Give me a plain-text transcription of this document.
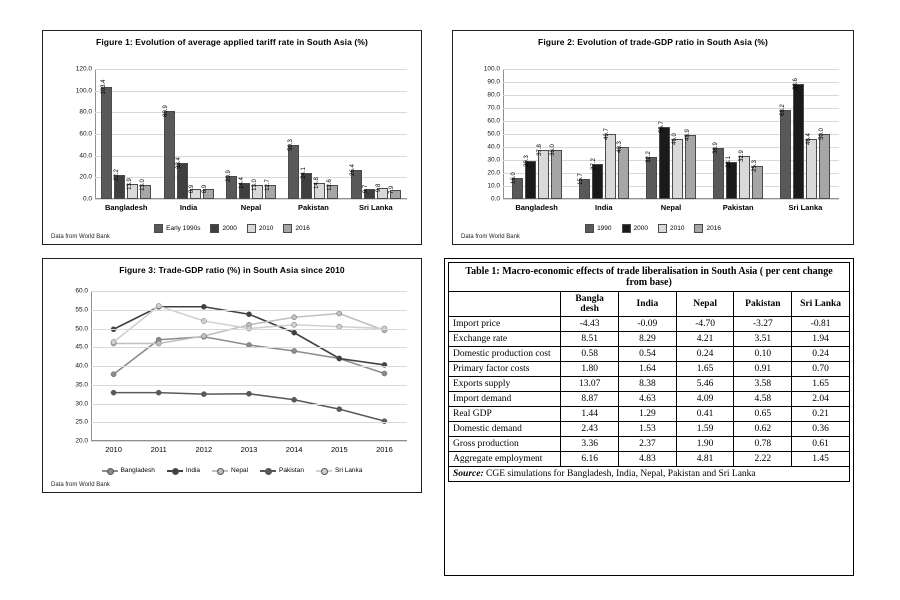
Figure 1: Evolution of average applied tariff rate in South Asia (%)
120.0
100.0
80.0
60.0
40.0
20.0
0.0
103.4
22.2
13.9 13.0
Bangladesh
80.9
33.4
8.9 8.9
India
20.9
14.4 13.0 12.7
Nepal
50.3
24.1
14.8 12.6
Pakistan
26.4
9.7 9.8 7.9
Sri Lanka
Early 1990s	2000	2010	2016
Data from World Bank
Figure 2: Evolution of trade-GDP ratio in South Asia (%)
100.0
90.0
80.0
70.0
60.0
50.0
40.0
30.0
20.0
10.0
0.0
16.0
29.3
37.8 38.0
Bangladesh
15.7
27.2
49.7
40.3
India
32.2
55.7
46.0 48.9
Nepal
38.9
28.1
32.9
25.3
Pakistan
68.2
88.6
46.4 50.0
Sri Lanka
1990	2000	2010	2016
Data from World Bank
Figure 3: Trade-GDP ratio (%) in South Asia since 2010
60.0
55.0
50.0
45.0
40.0
35.0
30.0
25.0
20.0
2010	2011	2012	2013	2014	2015	2016
Bangladesh	India	Nepal	Pakistan	Sri Lanka
Data from World Bank
Table 1: Macro-economic effects of trade liberalisation in South Asia ( per cent change from base)					
	Bangla desh	India	Nepal	Pakistan	Sri Lanka
Import price	-4.43	-0.09	-4.70	-3.27	-0.81
Exchange rate	8.51	8.29	4.21	3.51	1.94
Domestic production cost	0.58	0.54	0.24	0.10	0.24
Primary factor costs	1.80	1.64	1.65	0.91	0.70
Exports supply	13.07	8.38	5.46	3.58	1.65
Import demand	8.87	4.63	4.09	4.58	2.04
Real GDP	1.44	1.29	0.41	0.65	0.21
Domestic demand	2.43	1.53	1.59	0.62	0.36
Gross production	3.36	2.37	1.90	0.78	0.61
Aggregate employment	6.16	4.83	4.81	2.22	1.45
Source: CGE simulations for Bangladesh, India, Nepal, Pakistan and Sri Lanka					
